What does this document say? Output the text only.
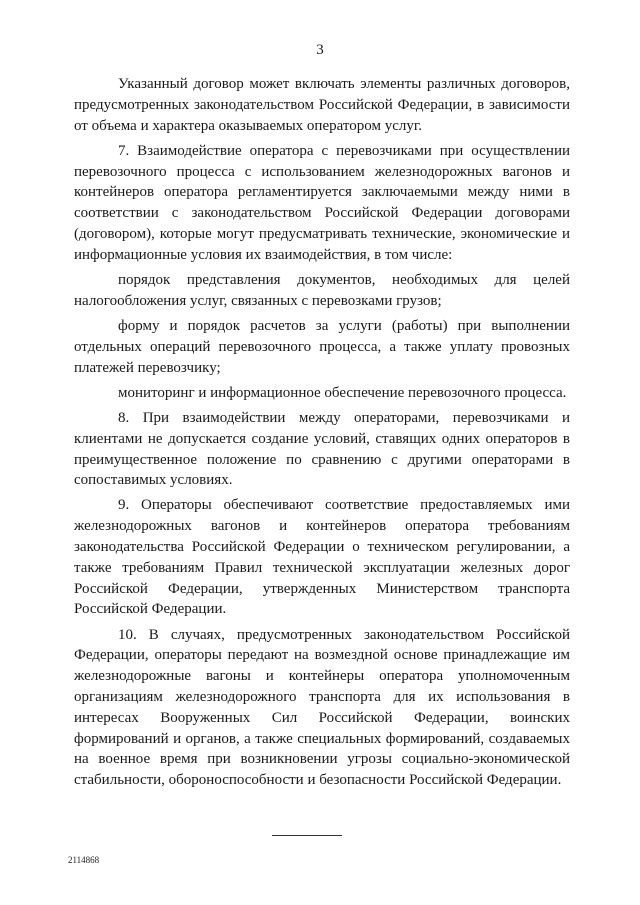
3

Указанный договор может включать элементы различных договоров, предусмотренных законодательством Российской Федерации, в зависимости от объема и характера оказываемых оператором услуг.

7. Взаимодействие оператора с перевозчиками при осуществлении перевозочного процесса с использованием железнодорожных вагонов и контейнеров оператора регламентируется заключаемыми между ними в соответствии с законодательством Российской Федерации договорами (договором), которые могут предусматривать технические, экономические и информационные условия их взаимодействия, в том числе:

порядок представления документов, необходимых для целей налогообложения услуг, связанных с перевозками грузов;

форму и порядок расчетов за услуги (работы) при выполнении отдельных операций перевозочного процесса, а также уплату провозных платежей перевозчику;

мониторинг и информационное обеспечение перевозочного процесса.

8. При взаимодействии между операторами, перевозчиками и клиентами не допускается создание условий, ставящих одних операторов в преимущественное положение по сравнению с другими операторами в сопоставимых условиях.

9. Операторы обеспечивают соответствие предоставляемых ими железнодорожных вагонов и контейнеров оператора требованиям законодательства Российской Федерации о техническом регулировании, а также требованиям Правил технической эксплуатации железных дорог Российской Федерации, утвержденных Министерством транспорта Российской Федерации.

10. В случаях, предусмотренных законодательством Российской Федерации, операторы передают на возмездной основе принадлежащие им железнодорожные вагоны и контейнеры оператора уполномоченным организациям железнодорожного транспорта для их использования в интересах Вооруженных Сил Российской Федерации, воинских формирований и органов, а также специальных формирований, создаваемых на военное время при возникновении угрозы социально-экономической стабильности, обороноспособности и безопасности Российской Федерации.

2114868
